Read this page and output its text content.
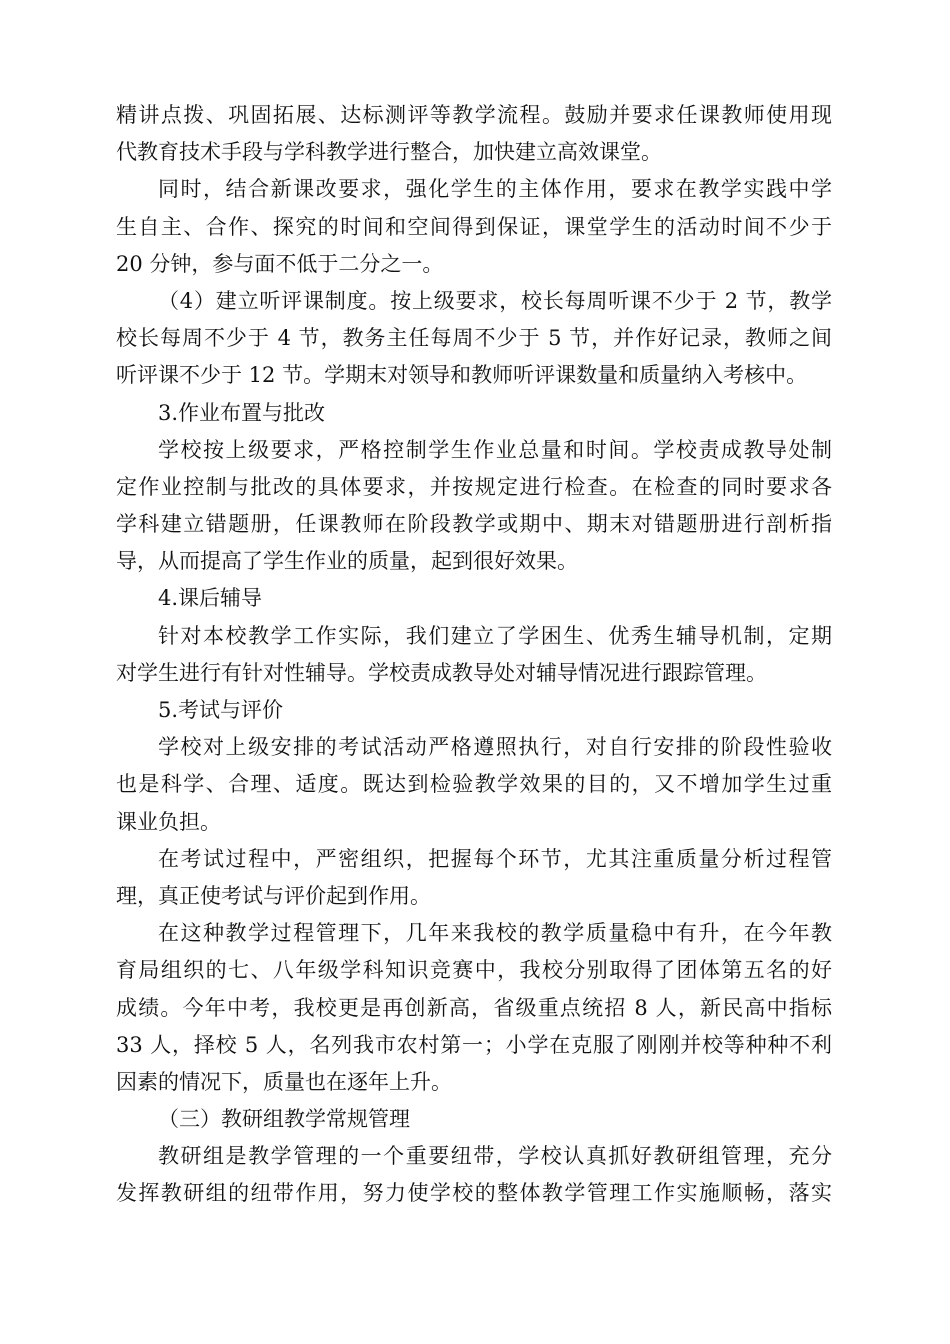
精讲点拨、巩固拓展、达标测评等教学流程。鼓励并要求任课教师使用现
代教育技术手段与学科教学进行整合，加快建立高效课堂。
同时，结合新课改要求，强化学生的主体作用，要求在教学实践中学
生自主、合作、探究的时间和空间得到保证，课堂学生的活动时间不少于
20 分钟，参与面不低于二分之一。
（4）建立听评课制度。按上级要求，校长每周听课不少于 2 节，教学
校长每周不少于 4 节，教务主任每周不少于 5 节，并作好记录，教师之间
听评课不少于 12 节。学期末对领导和教师听评课数量和质量纳入考核中。
3.作业布置与批改
学校按上级要求，严格控制学生作业总量和时间。学校责成教导处制
定作业控制与批改的具体要求，并按规定进行检查。在检查的同时要求各
学科建立错题册，任课教师在阶段教学或期中、期末对错题册进行剖析指
导，从而提高了学生作业的质量，起到很好效果。
4.课后辅导
针对本校教学工作实际，我们建立了学困生、优秀生辅导机制，定期
对学生进行有针对性辅导。学校责成教导处对辅导情况进行跟踪管理。
5.考试与评价
学校对上级安排的考试活动严格遵照执行，对自行安排的阶段性验收
也是科学、合理、适度。既达到检验教学效果的目的，又不增加学生过重
课业负担。
在考试过程中，严密组织，把握每个环节，尤其注重质量分析过程管
理，真正使考试与评价起到作用。
在这种教学过程管理下，几年来我校的教学质量稳中有升，在今年教
育局组织的七、八年级学科知识竞赛中，我校分别取得了团体第五名的好
成绩。今年中考，我校更是再创新高，省级重点统招 8 人，新民高中指标
33 人，择校 5 人，名列我市农村第一；小学在克服了刚刚并校等种种不利
因素的情况下，质量也在逐年上升。
（三）教研组教学常规管理
教研组是教学管理的一个重要纽带，学校认真抓好教研组管理，充分
发挥教研组的纽带作用，努力使学校的整体教学管理工作实施顺畅，落实
